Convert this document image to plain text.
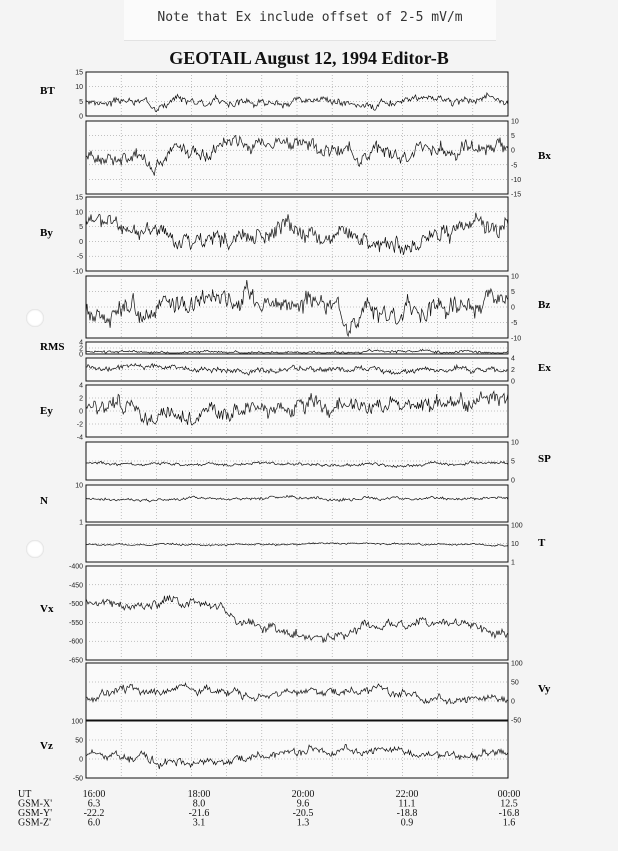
Note that Ex include offset of 2-5 mV/m
GEOTAIL August 12, 1994 Editor-B
15
10
5
0
BT
10
5
0
-5
-10
-15
Bx
15
10
5
0
-5
-10
By
10
5
0
-5
-10
Bz
4
2
0
RMS
4
2
0
Ex
4
2
0
-2
-4
Ey
10
5
0
SP
10
1
N
100
10
1
T
-400
-450
-500
-550
-600
-650
Vx
100
50
0
-50
Vy
100
50
0
-50
Vz
UT	16:00	18:00	20:00	22:00	00:00
GSM-X'	6.3	8.0	9.6	11.1	12.5
GSM-Y'	-22.2	-21.6	-20.5	-18.8	-16.8
GSM-Z'	6.0	3.1	1.3	0.9	1.6
